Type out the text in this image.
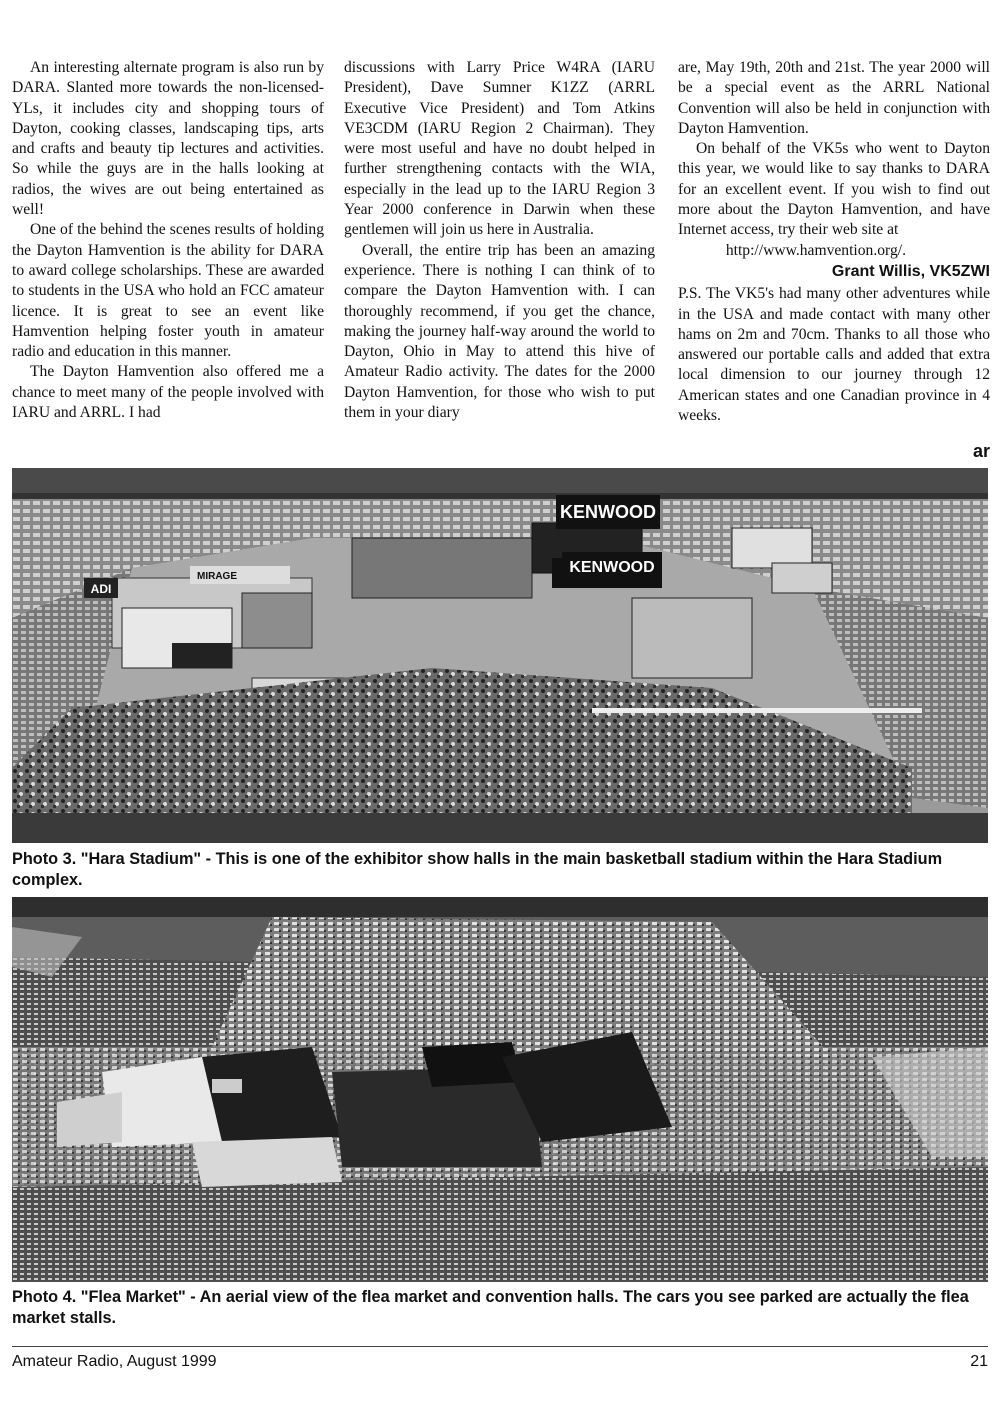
An interesting alternate program is also run by DARA. Slanted more towards the non-licensed-YLs, it includes city and shopping tours of Dayton, cooking classes, landscaping tips, arts and crafts and beauty tip lectures and activities. So while the guys are in the halls looking at radios, the wives are out being entertained as well!

One of the behind the scenes results of holding the Dayton Hamvention is the ability for DARA to award college scholarships. These are awarded to students in the USA who hold an FCC amateur licence. It is great to see an event like Hamvention helping foster youth in amateur radio and education in this manner.

The Dayton Hamvention also offered me a chance to meet many of the people involved with IARU and ARRL. I had

discussions with Larry Price W4RA (IARU President), Dave Sumner K1ZZ (ARRL Executive Vice President) and Tom Atkins VE3CDM (IARU Region 2 Chairman). They were most useful and have no doubt helped in further strengthening contacts with the WIA, especially in the lead up to the IARU Region 3 Year 2000 conference in Darwin when these gentlemen will join us here in Australia.

Overall, the entire trip has been an amazing experience. There is nothing I can think of to compare the Dayton Hamvention with. I can thoroughly recommend, if you get the chance, making the journey half-way around the world to Dayton, Ohio in May to attend this hive of Amateur Radio activity. The dates for the 2000 Dayton Hamvention, for those who wish to put them in your diary

are, May 19th, 20th and 21st. The year 2000 will be a special event as the ARRL National Convention will also be held in conjunction with Dayton Hamvention.

On behalf of the VK5s who went to Dayton this year, we would like to say thanks to DARA for an excellent event. If you wish to find out more about the Dayton Hamvention, and have Internet access, try their web site at

http://www.hamvention.org/.

Grant Willis, VK5ZWI

P.S. The VK5's had many other adventures while in the USA and made contact with many other hams on 2m and 70cm. Thanks to all those who answered our portable calls and added that extra local dimension to our journey through 12 American states and one Canadian province in 4 weeks.

ar
KENWOOD
KENWOOD
ADI
MIRAGE
Photo 3. "Hara Stadium" - This is one of the exhibitor show halls in the main basketball stadium within the Hara Stadium complex.
Photo 4. "Flea Market" - An aerial view of the flea market and convention halls. The cars you see parked are actually the flea market stalls.
Amateur Radio, August 1999	21
